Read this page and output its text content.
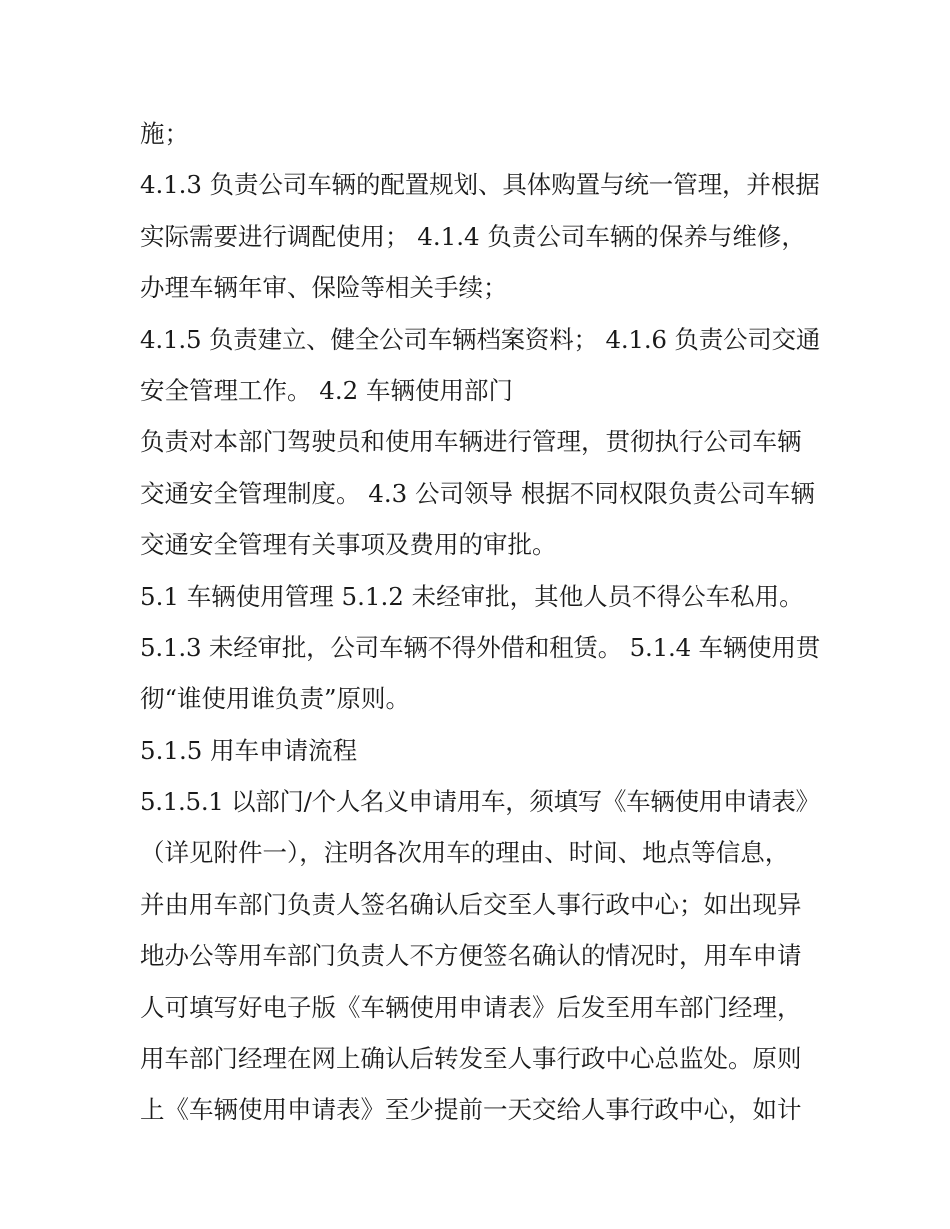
施；
4.1.3 负责公司车辆的配置规划、具体购置与统一管理，并根据
实际需要进行调配使用； 4.1.4 负责公司车辆的保养与维修，
办理车辆年审、保险等相关手续；
4.1.5 负责建立、健全公司车辆档案资料； 4.1.6 负责公司交通
安全管理工作。 4.2 车辆使用部门
负责对本部门驾驶员和使用车辆进行管理，贯彻执行公司车辆
交通安全管理制度。 4.3 公司领导 根据不同权限负责公司车辆
交通安全管理有关事项及费用的审批。
5.1 车辆使用管理 5.1.2 未经审批，其他人员不得公车私用。
5.1.3 未经审批，公司车辆不得外借和租赁。 5.1.4 车辆使用贯
彻“谁使用谁负责”原则。
5.1.5 用车申请流程
5.1.5.1 以部门/个人名义申请用车，须填写《车辆使用申请表》
（详见附件一），注明各次用车的理由、时间、地点等信息，
并由用车部门负责人签名确认后交至人事行政中心；如出现异
地办公等用车部门负责人不方便签名确认的情况时，用车申请
人可填写好电子版《车辆使用申请表》后发至用车部门经理，
用车部门经理在网上确认后转发至人事行政中心总监处。原则
上《车辆使用申请表》至少提前一天交给人事行政中心，如计
